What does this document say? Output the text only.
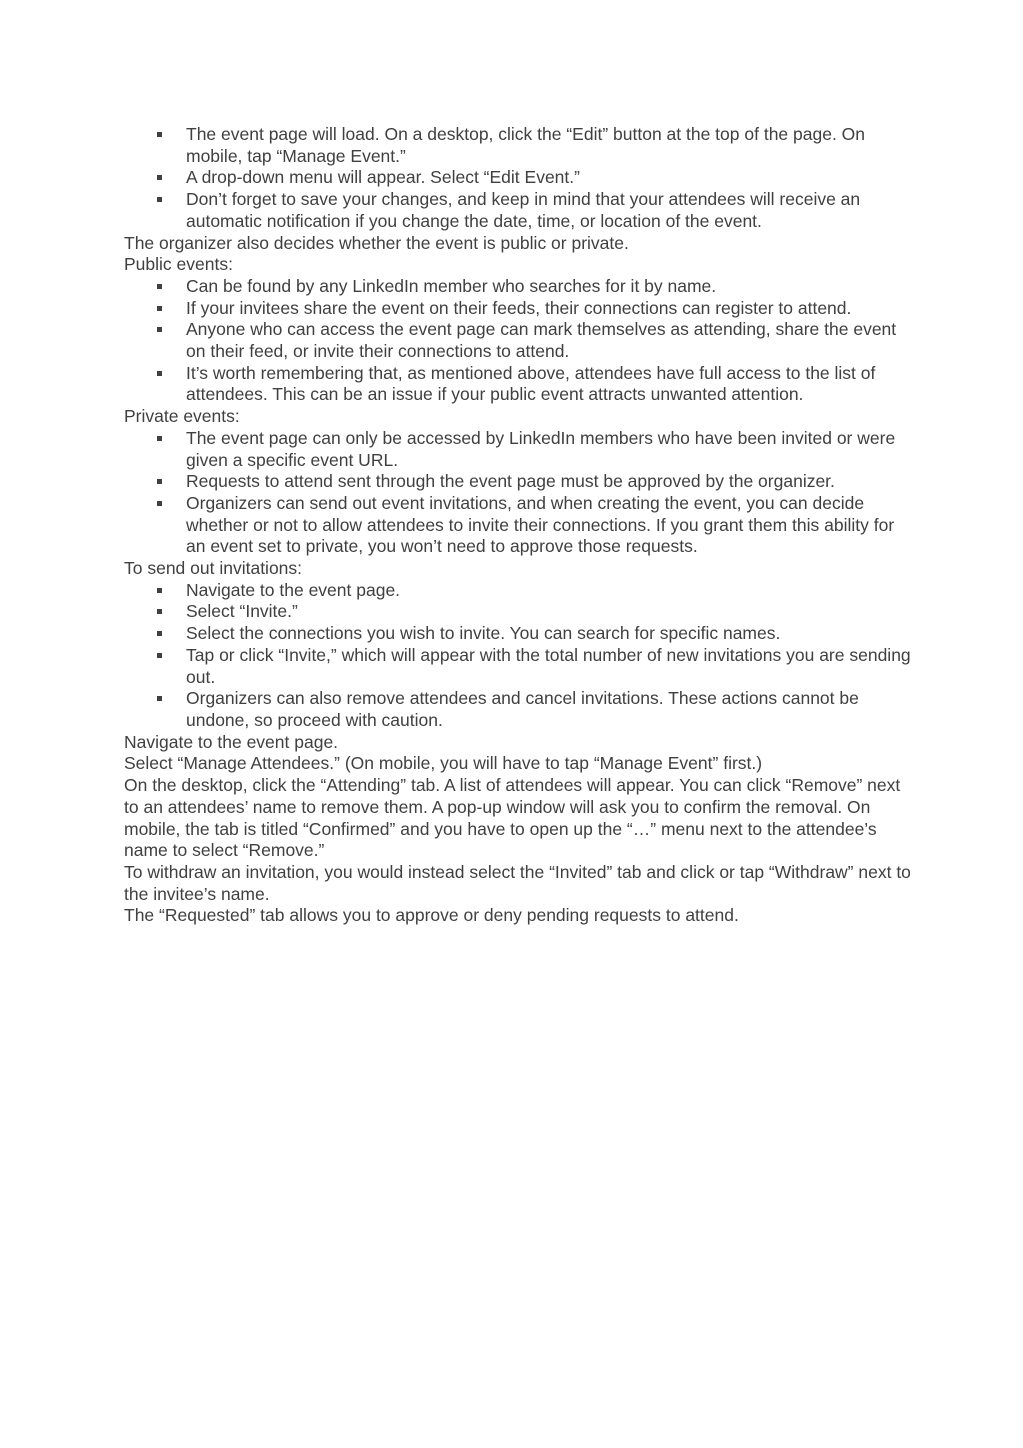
The event page will load. On a desktop, click the “Edit” button at the top of the page. On mobile, tap “Manage Event.”
A drop-down menu will appear. Select “Edit Event.”
Don’t forget to save your changes, and keep in mind that your attendees will receive an automatic notification if you change the date, time, or location of the event.

The organizer also decides whether the event is public or private.

Public events:

Can be found by any LinkedIn member who searches for it by name.
If your invitees share the event on their feeds, their connections can register to attend.
Anyone who can access the event page can mark themselves as attending, share the event on their feed, or invite their connections to attend.
It’s worth remembering that, as mentioned above, attendees have full access to the list of attendees. This can be an issue if your public event attracts unwanted attention.

Private events:

The event page can only be accessed by LinkedIn members who have been invited or were given a specific event URL.
Requests to attend sent through the event page must be approved by the organizer.
Organizers can send out event invitations, and when creating the event, you can decide whether or not to allow attendees to invite their connections. If you grant them this ability for an event set to private, you won’t need to approve those requests.

To send out invitations:

Navigate to the event page.
Select “Invite.”
Select the connections you wish to invite. You can search for specific names.
Tap or click “Invite,” which will appear with the total number of new invitations you are sending out.
Organizers can also remove attendees and cancel invitations. These actions cannot be undone, so proceed with caution.

Navigate to the event page.

Select “Manage Attendees.” (On mobile, you will have to tap “Manage Event” first.)

On the desktop, click the “Attending” tab. A list of attendees will appear. You can click “Remove” next to an attendees’ name to remove them. A pop-up window will ask you to confirm the removal. On mobile, the tab is titled “Confirmed” and you have to open up the “…” menu next to the attendee’s name to select “Remove.”

To withdraw an invitation, you would instead select the “Invited” tab and click or tap “Withdraw” next to the invitee’s name.

The “Requested” tab allows you to approve or deny pending requests to attend.
